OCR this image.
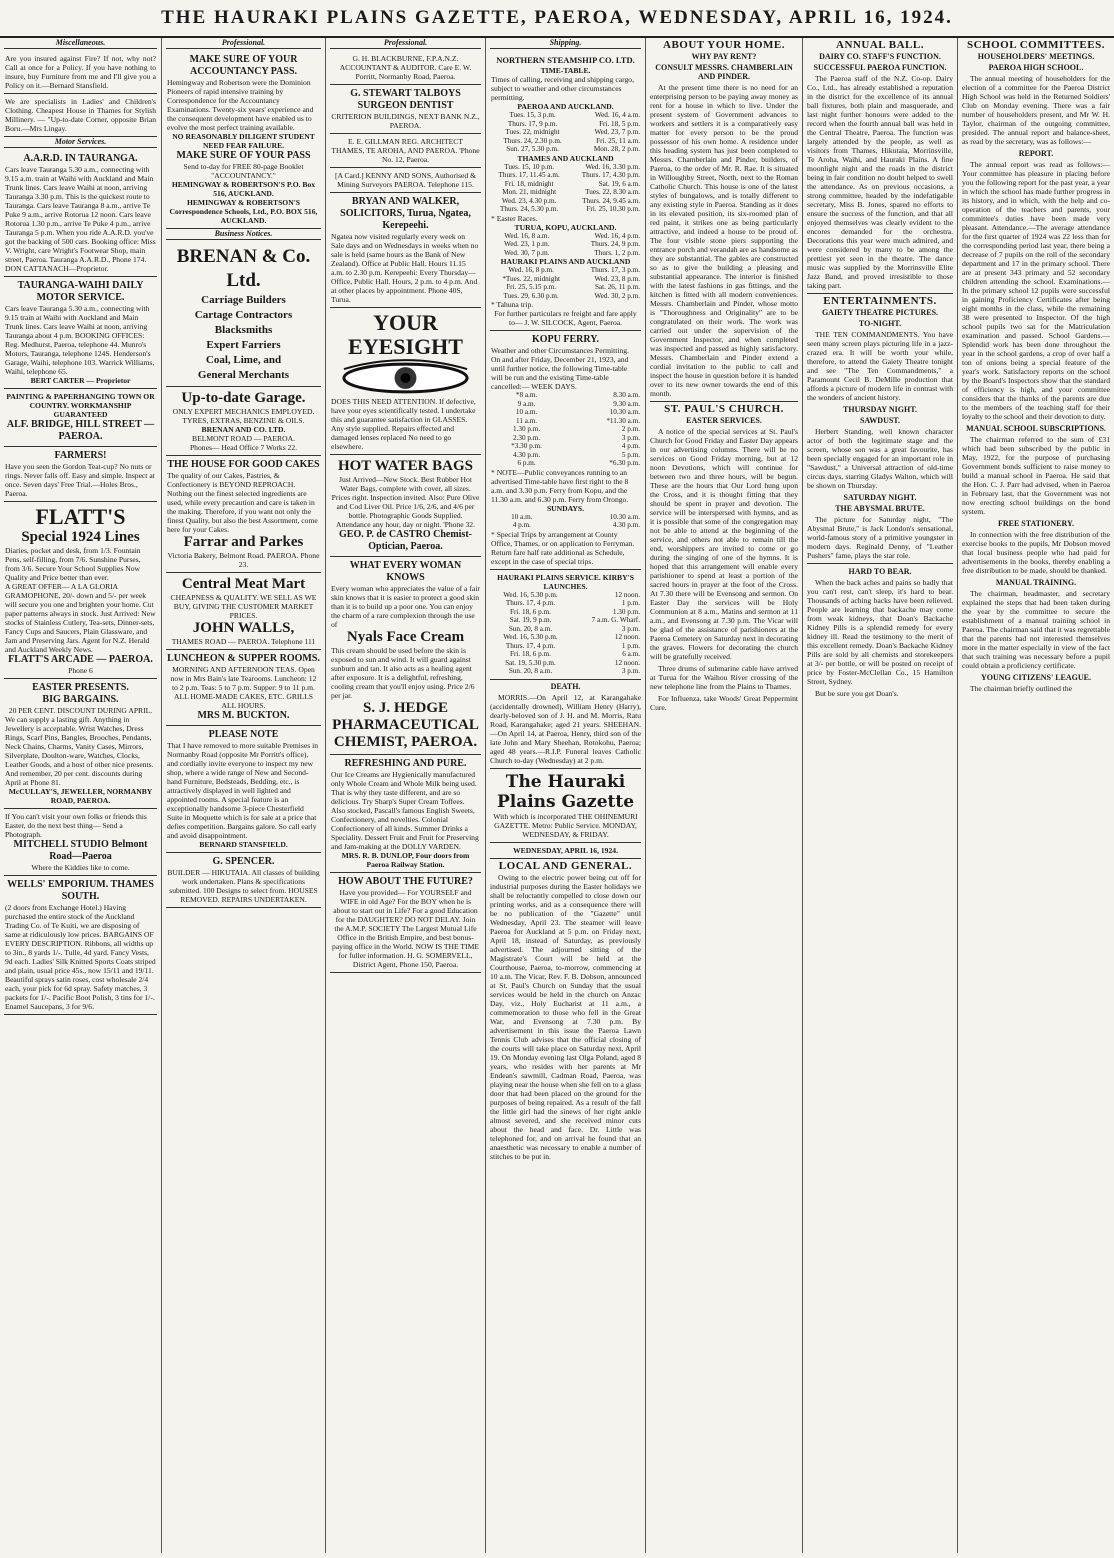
THE HAURAKI PLAINS GAZETTE, PAEROA, WEDNESDAY, APRIL 16, 1924.
Miscellaneous.
Are you insured against Fire? If not, why not? Call at once for a Policy. If you have nothing to insure, buy Furniture from me and I'll give you a Policy on it.—Bernard Stansfield.
We are specialists in Ladies' and Children's Clothing. Cheapest House in Thames for Stylish Millinery. — "Up-to-date Corner, opposite Brian Boru.—Mrs Lingay.
Motor Services.
A.A.R.D. IN TAURANGA.
Cars leave Tauranga 5.30 a.m., connecting with 9.15 a.m. train at Waihi with Auckland and Main Trunk lines. Cars leave Waihi at noon, arriving Tauranga 3.30 p.m. This is the quickest route to Tauranga. Cars leave Tauranga 8 a.m., arrive Te Puke 9 a.m., arrive Rotorua 12 noon. Cars leave Rotorua 1.30 p.m., arrive Te Puke 4 p.m., arrive Tauranga 5 p.m. When you ride A.A.R.D. you've got the backing of 500 cars. Booking office: Miss V. Wright, care Wright's Footwear Shop, main street, Paeroa. Tauranga A.A.R.D., Phone 174. DON CATTANACH—Proprietor.
TAURANGA-WAIHI DAILY MOTOR SERVICE.
Cars leave Tauranga 5.30 a.m., connecting with 9.15 train at Waihi with Auckland and Main Trunk lines. Cars leave Waihi at noon, arriving Tauranga about 4 p.m. BOOKING OFFICES: Reg. Medhurst, Paeroa, telephone 44. Munro's Motors, Tauranga, telephone 124S. Henderson's Garage, Waihi, telephone 103. Warrick Williams, Waihi, telephone 65.
BERT CARTER — Proprietor
PAINTING & PAPERHANGING TOWN OR COUNTRY. WORKMANSHIP GUARANTEED
ALF. BRIDGE, HILL STREET — PAEROA.
FARMERS!
Have you seen the Gordon Teat-cup? No nuts or rings. Never falls off. Easy and simple. Inspect at once. Seven days' Free Trial.—Holes Bros., Paeroa.
FLATT'S
Special 1924 Lines
Diaries, pocket and desk, from 1/3. Fountain Pens, self-filling, from 7/6. Sunshine Purses, from 3/6. Secure Your School Supplies Now Quality and Price better than ever.
A GREAT OFFER— A LA GLORIA GRAMOPHONE, 20/- down and 5/- per week will secure you one and brighten your home. Cut paper patterns always in stock. Just Arrived: New stocks of Stainless Cutlery, Tea-sets, Dinner-sets, Fancy Cups and Saucers, Plain Glassware, and Jam and Preserving Jars. Agent for N.Z. Herald and Auckland Weekly News.
FLATT'S ARCADE — PAEROA.
Phone 6
EASTER PRESENTS.
BIG BARGAINS.
20 PER CENT. DISCOUNT DURING APRIL.
We can supply a lasting gift. Anything in Jewellery is acceptable. Wrist Watches, Dress Rings, Scarf Pins, Bangles, Brooches, Pendants, Neck Chains, Charms, Vanity Cases, Mirrors, Silverplate, Doulton-ware, Watches, Clocks, Leather Goods, and a host of other nice presents. And remember, 20 per cent. discounts during April at Phone 81.
McCULLAY'S, JEWELLER, NORMANBY ROAD, PAEROA.
If You can't visit your own folks or friends this Easter, do the next best thing— Send a Photograph.
MITCHELL STUDIO Belmont Road—Paeroa
Where the Kiddies like to come.
WELLS' EMPORIUM. THAMES SOUTH.
(2 doors from Exchange Hotel.) Having purchased the entire stock of the Auckland Trading Co. of Te Kuiti, we are disposing of same at ridiculously low prices. BARGAINS OF EVERY DESCRIPTION. Ribbons, all widths up to 3in., 8 yards 1/-. Tulle, 4d yard. Fancy Vests, 9d each. Ladies' Silk Knitted Sports Coats striped and plain, usual price 45s., now 15/11 and 19/11. Beautiful sprays satin roses, cost wholesale 2/4 each, your pick for 6d spray. Safety matches, 3 packets for 1/-. Pacific Boot Polish, 3 tins for 1/-. Enamel Saucepans, 3 for 9/6.
Professional.
MAKE SURE OF YOUR ACCOUNTANCY PASS.
Hemingway and Robertson were the Dominion Pioneers of rapid intensive training by Correspondence for the Accountancy Examinations. Twenty-six years' experience and the consequent development have enabled us to evolve the most perfect training available.
NO REASONABLY DILIGENT STUDENT NEED FEAR FAILURE.
MAKE SURE OF YOUR PASS
Send to-day for FREE 80-page Booklet "ACCOUNTANCY."
HEMINGWAY & ROBERTSON'S P.O. Box 516, AUCKLAND.
HEMINGWAY & ROBERTSON'S Correspondence Schools, Ltd., P.O. BOX 516, AUCKLAND.
Business Notices.
BRENAN & Co. Ltd.
Carriage Builders
Cartage Contractors
Blacksmiths
Expert Farriers
Coal, Lime, and
General Merchants
Up-to-date Garage.
ONLY EXPERT MECHANICS EMPLOYED.
TYRES, EXTRAS, BENZINE & OILS.
BRENAN AND CO. LTD.
BELMONT ROAD — PAEROA.
Phones— Head Office 7 Works 22.
THE HOUSE FOR GOOD CAKES
The quality of our Cakes, Pastries, & Confectionery is BEYOND REPROACH. Nothing out the finest selected ingredients are used, while every precaution and care is taken in the making. Therefore, if you want not only the finest Quality, but also the best Assortment, come here for your Cakes.
Farrar and Parkes
Victoria Bakery, Belmont Road. PAEROA. Phone 23.
Central Meat Mart
CHEAPNESS & QUALITY. WE SELL AS WE BUY, GIVING THE CUSTOMER MARKET PRICES.
JOHN WALLS,
THAMES ROAD — PAEROA. Telephone 111
LUNCHEON & SUPPER ROOMS.
MORNING AND AFTERNOON TEAS. Open now in Mrs Bain's late Tearooms. Luncheon: 12 to 2 p.m. Teas: 5 to 7 p.m. Supper: 9 to 11 p.m. ALL HOME-MADE CAKES, ETC. GRILLS ALL HOURS.
MRS M. BUCKTON.
PLEASE NOTE
That I have removed to more suitable Premises in Normanby Road (opposite Mr Porritt's office), and cordially invite everyone to inspect my new shop, where a wide range of New and Second-hand Furniture, Bedsteads, Bedding, etc., is attractively displayed in well lighted and appointed rooms. A special feature is an exceptionally handsome 3-piece Chesterfield Suite in Moquette which is for sale at a price that defies competition. Bargains galore. So call early and avoid disappointment.
BERNARD STANSFIELD.
G. SPENCER.
BUILDER — HIKUTAIA. All classes of building work undertaken. Plans & specifications submitted. 100 Designs to select from. HOUSES REMOVED. REPAIRS UNDERTAKEN.
Professional.
G. H. BLACKBURNE, F.P.A.N.Z. ACCOUNTANT & AUDITOR. Care E. W. Porritt, Normanby Road, Paeroa.
G. STEWART TALBOYS SURGEON DENTIST
CRITERION BUILDINGS, NEXT BANK N.Z., PAEROA.
E. E. GILLMAN REG. ARCHITECT THAMES, TE AROHA, AND PAEROA. 'Phone No. 12, Paeroa.
[A Card.] KENNY AND SONS, Authorised & Mining Surveyors PAEROA. Telephone 115.
BRYAN AND WALKER, SOLICITORS, Turua, Ngatea, Kerepeehi.
Ngatea now visited regularly every week on Sale days and on Wednesdays in weeks when no sale is held (same hours as the Bank of New Zealand). Office at Public Hall. Hours 11.15 a.m. to 2.30 p.m. Kerepeehi: Every Thursday—Office, Public Hall. Hours, 2 p.m. to 4 p.m. And at other places by appointment. Phone 40S, Turua.
YOUR EYESIGHT
DOES THIS NEED ATTENTION. If defective, have your eyes scientifically tested. I undertake this and guarantee satisfaction in GLASSES. Any style supplied. Repairs effected and damaged lenses replaced No need to go elsewhere.
HOT WATER BAGS
Just Arrived—New Stock. Best Rubber Hot Water Bags, complete with cover, all sizes. Prices right. Inspection invited. Also: Pure Olive and Cod Liver Oil. Price 1/6, 2/6, and 4/6 per bottle. Photographic Goods Supplied. Attendance any hour, day or night. 'Phone 32.
GEO. P. de CASTRO Chemist-Optician, Paeroa.
WHAT EVERY WOMAN KNOWS
Every woman who appreciates the value of a fair skin knows that it is easier to protect a good skin than it is to build up a poor one. You can enjoy the charm of a rare complexion through the use of
Nyals Face Cream
This cream should be used before the skin is exposed to sun and wind. It will guard against sunburn and tan. It also acts as a healing agent after exposure. It is a delightful, refreshing, cooling cream that you'll enjoy using. Price 2/6 per jar.
S. J. HEDGE PHARMACEUTICAL CHEMIST, PAEROA.
REFRESHING AND PURE.
Our Ice Creams are Hygienically manufactured only Whole Cream and Whole Milk being used. That is why they taste different, and are so delicious. Try Sharp's Super Cream Toffees. Also stocked, Pascall's famous English Sweets, Confectionery, and novelties. Colonial Confectionery of all kinds. Summer Drinks a Speciality. Dessert Fruit and Fruit for Preserving and Jam-making at the DOLLY VARDEN.
MRS. R. B. DUNLOP, Four doors from Paeroa Railway Station.
HOW ABOUT THE FUTURE?
Have you provided— For YOURSELF and WIFE in old Age? For the BOY when he is about to start out in Life? For a good Education for the DAUGHTER? DO NOT DELAY. Join the A.M.P. SOCIETY The Largest Mutual Life Office in the British Empire, and best bonus-paying office in the World. NOW IS THE TIME for fuller information. H. G. SOMERVELL, District Agent, Phone 150, Paeroa.
Shipping.
NORTHERN STEAMSHIP CO. LTD.
TIME-TABLE.
Times of calling, receiving and shipping cargo, subject to weather and other circumstances permitting.
PAEROA AND AUCKLAND.
Tues. 15, 3 p.m.	Wed. 16, 4 a.m.
Thurs. 17, 9 p.m.	Fri. 18, 5 p.m.
Tues. 22, midnight	Wed. 23, 7 p.m.
Thurs. 24, 2.30 p.m.	Fri. 25, 11 a.m.
Sun. 27, 5.30 p.m.	Mon. 28, 2 p.m.
THAMES AND AUCKLAND
Tues. 15, 10 p.m.	Wed. 16, 3.30 p.m.
Thurs. 17, 11.45 a.m.	Thurs. 17, 4.30 p.m.
Fri. 18, midnight	Sat. 19, 6 a.m.
Mon. 21, midnight	Tues. 22, 8.30 a.m.
Wed. 23, 4.30 p.m.	Thurs. 24, 9.45 a.m.
Thurs. 24, 5.30 p.m.	Fri. 25, 10.30 p.m.
* Easter Races.
TURUA, KOPU, AUCKLAND.
Wed. 16, 8 a.m.	Wed. 16, 4 p.m.
Wed. 23, 1 p.m.	Thurs. 24, 9 p.m.
Wed. 30, 7 p.m.	Thurs. 1, 2 p.m.
HAURAKI PLAINS AND AUCKLAND
Wed. 16, 8 p.m.	Thurs. 17, 3 p.m.
*Tues. 22, midnight	Wed. 23, 8 p.m.
Fri. 25, 5.15 p.m.	Sat. 26, 11 p.m.
Tues. 29, 6.30 p.m.	Wed. 30, 2 p.m.
* Tahuna trip.
For further particulars re freight and fare apply to— J. W. SILCOCK, Agent, Paeroa.
KOPU FERRY.
Weather and other Circumstances Permitting. On and after Friday, December 21, 1923, and until further notice, the following Time-table will be run and the existing Time-table cancelled:— WEEK DAYS.
*8 a.m.	8.30 a.m.
9 a.m.	9.30 a.m.
10 a.m.	10.30 a.m.
11 a.m.	*11.30 a.m.
1.30 p.m.	2 p.m.
2.30 p.m.	3 p.m.
*3.30 p.m.	4 p.m.
4.30 p.m.	5 p.m.
6 p.m.	*6.30 p.m.
* NOTE—Public conveyances running to an advertised Time-table have first right to the 8 a.m. and 3.30 p.m. Ferry from Kopu, and the 11.30 a.m. and 6.30 p.m. Ferry from Orongo.
SUNDAYS.
10 a.m.	10.30 a.m.
4 p.m.	4.30 p.m.
* Special Trips by arrangement at County Office, Thames, or on application to Ferryman. Return fare half rate additional as Schedule, except in the case of special trips.
HAURAKI PLAINS SERVICE. KIRBY'S LAUNCHES.
Wed. 16, 5.30 p.m.	12 noon.
Thurs. 17, 4 p.m.	1 p.m.
Fri. 18, 6 p.m.	1.30 p.m.
Sat. 19, 9 p.m.	7 a.m. G. Wharf.
Sun. 20, 8 a.m.	3 p.m.
Wed. 16, 5.30 p.m.	12 noon.
Thurs. 17, 4 p.m.	1 p.m.
Fri. 18, 6 p.m.	6 a.m.
Sat. 19, 5.30 p.m.	12 noon.
Sun. 20, 8 a.m.	3 p.m.
DEATH.

MORRIS.—On April 12, at Karangahake (accidentally drowned), William Henry (Harry), dearly-beloved son of J. H. and M. Morris, Ratu Road, Karangahake; aged 21 years. SHEEHAN.—On April 14, at Paeroa, Henry, third son of the late John and Mary Sheehan, Rotokohu, Paeroa; aged 48 years.—R.I.P. Funeral leaves Catholic Church to-day (Wednesday) at 2 p.m.

The Hauraki Plains Gazette
With which is incorporated THE OHINEMURI GAZETTE. Metro: Public Service. MONDAY, WEDNESDAY, & FRIDAY.
WEDNESDAY, APRIL 16, 1924.
LOCAL AND GENERAL.

Owing to the electric power being cut off for industrial purposes during the Easter holidays we shall be reluctantly compelled to close down our printing works, and as a consequence there will be no publication of the "Gazette" until Wednesday, April 23. The steamer will leave Paeroa for Auckland at 5 p.m. on Friday next, April 18, instead of Saturday, as previously advertised. The adjourned sitting of the Magistrate's Court will be held at the Courthouse, Paeroa, to-morrow, commencing at 10 a.m. The Vicar, Rev. F. B. Dobson, announced at St. Paul's Church on Sunday that the usual services would be held in the church on Anzac Day, viz., Holy Eucharist at 11 a.m., a commemoration to those who fell in the Great War, and Evensong at 7.30 p.m. By advertisement in this issue the Paeroa Lawn Tennis Club advises that the official closing of the courts will take place on Saturday next, April 19. On Monday evening last Olga Poland, aged 8 years, who resides with her parents at Mr Endean's sawmill, Cadman Road, Paeroa, was playing near the house when she fell on to a glass door that had been placed on the ground for the purposes of being repaired. As a result of the fall the little girl had the sinews of her right ankle almost severed, and she received minor cuts about the head and face. Dr. Little was telephoned for, and on arrival he found that an anaesthetic was necessary to enable a number of stitches to be put in.

ABOUT YOUR HOME.
WHY PAY RENT?
CONSULT MESSRS. CHAMBERLAIN AND PINDER.

At the present time there is no need for an enterprising person to be paying away money as rent for a house in which to live. Under the present system of Government advances to workers and settlers it is a comparatively easy matter for every person to be the proud possessor of his own home. A residence under this heading system has just been completed to Messrs. Chamberlain and Pinder, builders, of Paeroa, to the order of Mr. R. Rae. It is situated in Willoughby Street, North, next to the Roman Catholic Church. This house is one of the latest styles of bungalows, and is totally different to any existing style in Paeroa. Standing as it does in its elevated position, its six-roomed plan of red paint, it strikes one as being particularly attractive, and indeed a house to be proud of. The four visible stone piers supporting the entrance porch and verandah are as handsome as they are substantial. The gables are constructed so as to give the building a pleasing and substantial appearance. The interior is finished with the latest fashions in gas fittings, and the kitchen is fitted with all modern conveniences. Messrs. Chamberlain and Pinder, whose motto is "Thoroughness and Originality" are to be congratulated on their work. The work was carried out under the supervision of the Government Inspector, and when completed was inspected and passed as highly satisfactory. Messrs. Chamberlain and Pinder extend a cordial invitation to the public to call and inspect the house in question before it is handed over to its new owner towards the end of this month.

ST. PAUL'S CHURCH.
EASTER SERVICES.

A notice of the special services at St. Paul's Church for Good Friday and Easter Day appears in our advertising columns. There will be no services on Good Friday morning, but at 12 noon Devotions, which will continue for between two and three hours, will be begun. These are the hours that Our Lord hung upon the Cross, and it is thought fitting that they should be spent in prayer and devotion. The service will be interspersed with hymns, and as it is possible that some of the congregation may not be able to attend at the beginning of the service, and others not able to remain till the end, worshippers are invited to come or go during the singing of one of the hymns. It is hoped that this arrangement will enable every parishioner to spend at least a portion of the sacred hours in prayer at the foot of the Cross. At 7.30 there will be Evensong and sermon. On Easter Day the services will be Holy Communion at 8 a.m., Matins and sermon at 11 a.m., and Evensong at 7.30 p.m. The Vicar will be glad of the assistance of parishioners at the Paeroa Cemetery on Saturday next in decorating the graves. Flowers for decorating the church will be gratefully received.

Three drums of submarine cable have arrived at Turua for the Waihou River crossing of the new telephone line from the Plains to Thames.

For Influenza, take Woods' Great Peppermint Cure.

ANNUAL BALL.
DAIRY CO. STAFF'S FUNCTION.
SUCCESSFUL PAEROA FUNCTION.

The Paeroa staff of the N.Z. Co-op. Dairy Co., Ltd., has already established a reputation in the district for the excellence of its annual ball fixtures, both plain and masquerade, and last night further honours were added to the record when the fourth annual ball was held in the Central Theatre, Paeroa. The function was largely attended by the people, as well as visitors from Thames, Hikutaia, Morrinsville, Te Aroha, Waihi, and Hauraki Plains. A fine moonlight night and the roads in the district being in fair condition no doubt helped to swell the attendance. As on previous occasions, a strong committee, headed by the indefatigable secretary, Miss B. Jones, spared no efforts to ensure the success of the function, and that all enjoyed themselves was clearly evident to the encores demanded for the orchestra. Decorations this year were much admired, and were considered by many to be among the prettiest yet seen in the theatre. The dance music was supplied by the Morrinsville Elite Jazz Band, and proved irresistible to those taking part.

ENTERTAINMENTS.
GAIETY THEATRE PICTURES.
TO-NIGHT.

THE TEN COMMANDMENTS. You have seen many screen plays picturing life in a jazz-crazed era. It will be worth your while, therefore, to attend the Gaiety Theatre tonight and see "The Ten Commandments," a Paramount Cecil B. DeMille production that affords a picture of modern life in contrast with the wonders of ancient history.

THURSDAY NIGHT.
SAWDUST.

Herbert Standing, well known character actor of both the legitimate stage and the screen, whose son was a great favourite, has been specially engaged for an important role in "Sawdust," a Universal attraction of old-time circus days, starring Gladys Walton, which will be shown on Thursday.

SATURDAY NIGHT.
THE ABYSMAL BRUTE.

The picture for Saturday night, "The Abysmal Brute," is Jack London's sensational, world-famous story of a primitive youngster in modern days. Reginald Denny, of "Leather Pushers" fame, plays the star role.

HARD TO BEAR.

When the back aches and pains so badly that you can't rest, can't sleep, it's hard to bear. Thousands of aching backs have been relieved. People are learning that backache may come from weak kidneys, that Doan's Backache Kidney Pills is a splendid remedy for every kidney ill. Read the testimony to the merit of this excellent remedy. Doan's Backache Kidney Pills are sold by all chemists and storekeepers at 3/- per bottle, or will be posted on receipt of price by Foster-McClellan Co., 15 Hamilton Street, Sydney.

But be sure you get Doan's.

SCHOOL COMMITTEES.
HOUSEHOLDERS' MEETINGS.
PAEROA HIGH SCHOOL.

The annual meeting of householders for the election of a committee for the Paeroa District High School was held in the Returned Soldiers' Club on Monday evening. There was a fair number of householders present, and Mr W. H. Taylor, chairman of the outgoing committee, presided. The annual report and balance-sheet, as read by the secretary, was as follows:—

REPORT.

The annual report was read as follows:— Your committee has pleasure in placing before you the following report for the past year, a year in which the school has made further progress in its history, and in which, with the help and co-operation of the teachers and parents, your committee's duties have been made very pleasant. Attendance.—The average attendance for the first quarter of 1924 was 22 less than for the corresponding period last year, there being a decrease of 7 pupils on the roll of the secondary department and 17 in the primary school. There are at present 343 primary and 52 secondary children attending the school. Examinations.—In the primary school 12 pupils were successful in gaining Proficiency Certificates after being eight months in the class, while the remaining 38 were presented to Inspector. Of the high school pupils two sat for the Matriculation examination and passed. School Gardens.—Splendid work has been done throughout the year in the school gardens, a crop of over half a ton of onions being a special feature of the year's work. Satisfactory reports on the school by the Board's Inspectors show that the standard of efficiency is high, and your committee considers that the thanks of the parents are due to the members of the teaching staff for their loyalty to the school and their devotion to duty.

MANUAL SCHOOL SUBSCRIPTIONS.

The chairman referred to the sum of £31 which had been subscribed by the public in May, 1922, for the purpose of purchasing Government bonds sufficient to raise money to build a manual school in Paeroa. He said that the Hon. C. J. Parr had advised, when in Paeroa in February last, that the Government was not now erecting school buildings on the bond system.

FREE STATIONERY.

In connection with the free distribution of the exercise books to the pupils, Mr Dobson moved that local business people who had paid for advertisements in the books, thereby enabling a free distribution to be made, should be thanked.

MANUAL TRAINING.

The chairman, headmaster, and secretary explained the steps that had been taken during the year by the committee to secure the establishment of a manual training school in Paeroa. The chairman said that it was regrettable that the parents had not interested themselves more in the matter especially in view of the fact that such training was necessary before a pupil could obtain a proficiency certificate.

YOUNG CITIZENS' LEAGUE.

The chairman briefly outlined the
